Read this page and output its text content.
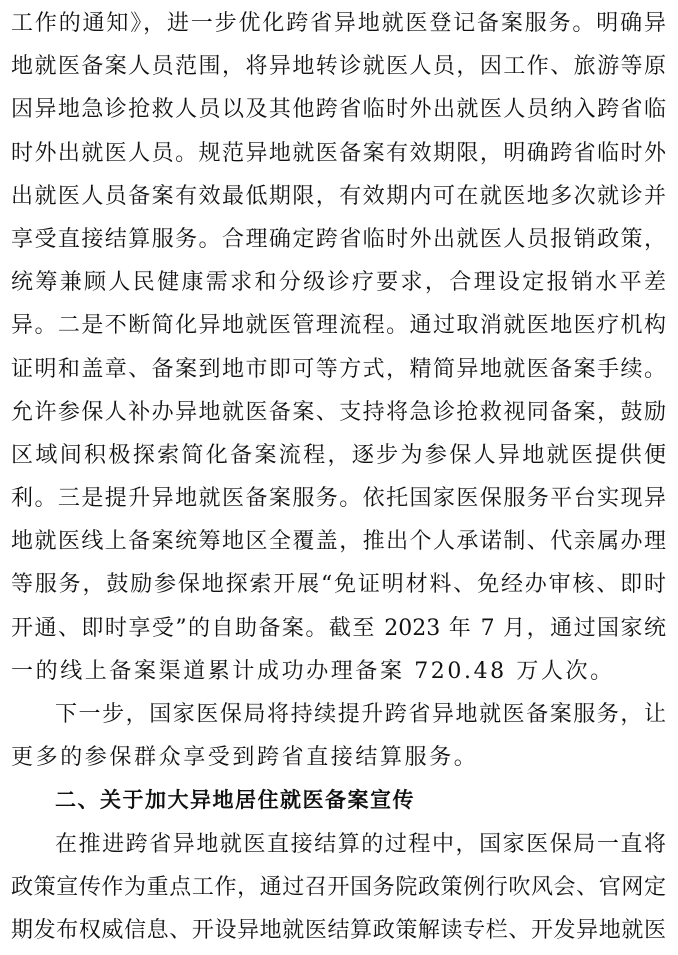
工作的通知》，进一步优化跨省异地就医登记备案服务。明确异
地就医备案人员范围，将异地转诊就医人员，因工作、旅游等原
因异地急诊抢救人员以及其他跨省临时外出就医人员纳入跨省临
时外出就医人员。规范异地就医备案有效期限，明确跨省临时外
出就医人员备案有效最低期限，有效期内可在就医地多次就诊并
享受直接结算服务。合理确定跨省临时外出就医人员报销政策，
统筹兼顾人民健康需求和分级诊疗要求，合理设定报销水平差
异。二是不断简化异地就医管理流程。通过取消就医地医疗机构
证明和盖章、备案到地市即可等方式，精简异地就医备案手续。
允许参保人补办异地就医备案、支持将急诊抢救视同备案，鼓励
区域间积极探索简化备案流程，逐步为参保人异地就医提供便
利。三是提升异地就医备案服务。依托国家医保服务平台实现异
地就医线上备案统筹地区全覆盖，推出个人承诺制、代亲属办理
等服务，鼓励参保地探索开展“免证明材料、免经办审核、即时
开通、即时享受”的自助备案。截至 2023 年 7 月，通过国家统
一的线上备案渠道累计成功办理备案 720.48 万人次。
下一步，国家医保局将持续提升跨省异地就医备案服务，让
更多的参保群众享受到跨省直接结算服务。
二、关于加大异地居住就医备案宣传
在推进跨省异地就医直接结算的过程中，国家医保局一直将
政策宣传作为重点工作，通过召开国务院政策例行吹风会、官网定
期发布权威信息、开设异地就医结算政策解读专栏、开发异地就医
